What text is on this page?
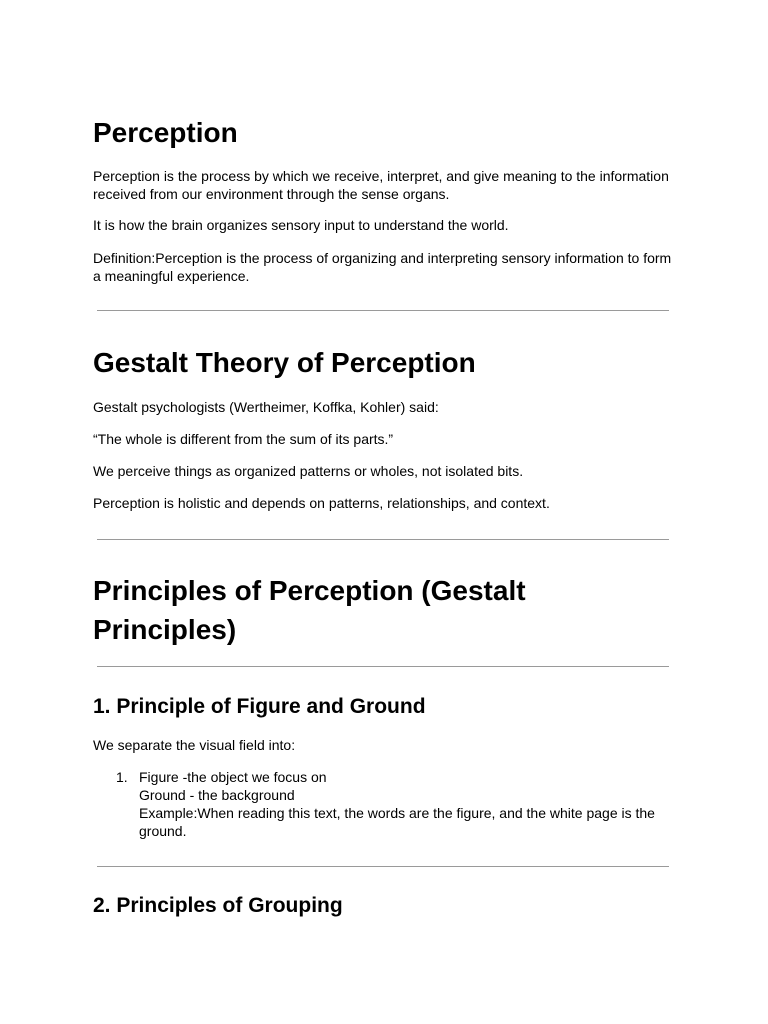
Perception

Perception is the process by which we receive, interpret, and give meaning to the information received from our environment through the sense organs.

It is how the brain organizes sensory input to understand the world.

Definition:Perception is the process of organizing and interpreting sensory information to form a meaningful experience.

Gestalt Theory of Perception

Gestalt psychologists (Wertheimer, Koffka, Kohler) said:

“The whole is different from the sum of its parts.”

We perceive things as organized patterns or wholes, not isolated bits.

Perception is holistic and depends on patterns, relationships, and context.

Principles of Perception (Gestalt Principles)
1. Principle of Figure and Ground

We separate the visual field into:

1. Figure -the object we focus on
Ground - the background
Example:When reading this text, the words are the figure, and the white page is the ground.
2. Principles of Grouping
